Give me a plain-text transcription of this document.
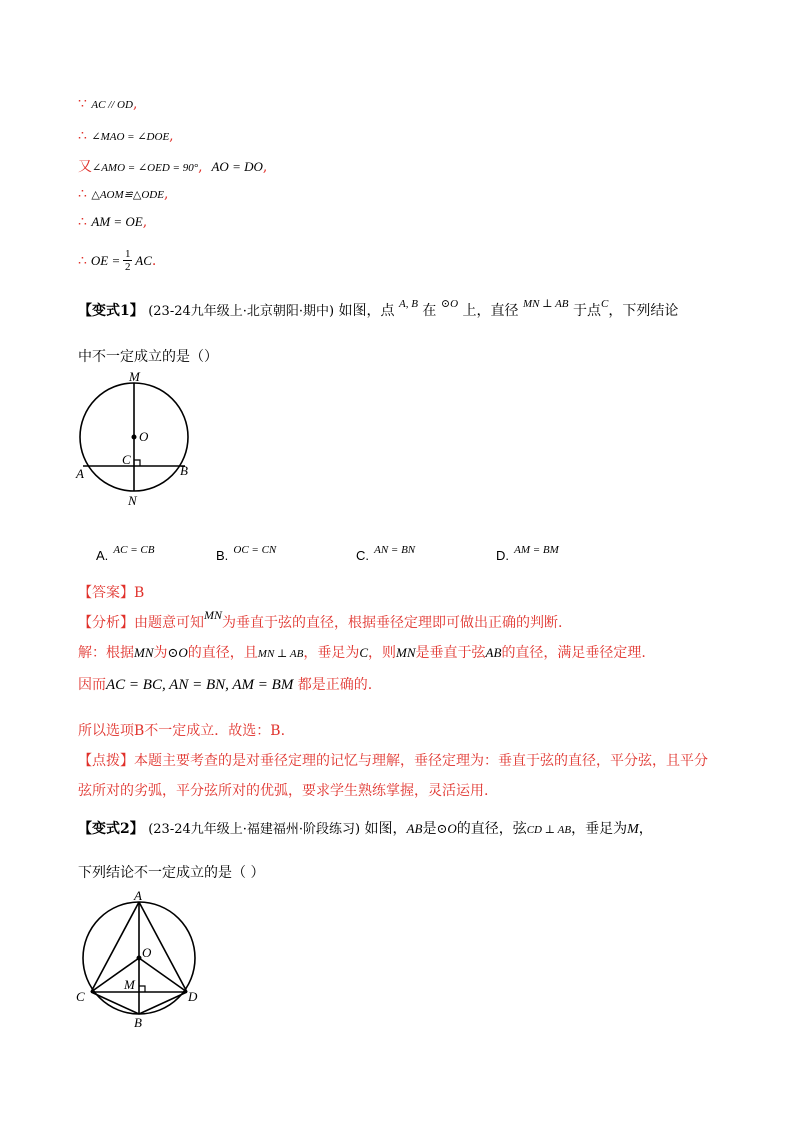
∵ AC // OD,
∴ ∠MAO = ∠DOE,
又∠AMO = ∠OED = 90°,  AO = DO,
∴ △AOM≌△ODE,
∴ AM = OE,
∴ OE = $\frac{1}{2}$ AC .
【变式1】 (23-24九年级上·北京朝阳·期中) 如图，点 $^{A, B}$ 在 $^{⊙O}$ 上，直径 $^{MN \perp AB}$ 于点$^C$，下列结论
中不一定成立的是（）
M
O
C
A	B
N
$_{A.}$ AC = CB	$_{B.}$ OC = CN	$_{C.}$ AN = BN	$_{D.}$ AM = BM
【答案】B
【分析】由题意可知MN为垂直于弦的直径，根据垂径定理即可做出正确的判断.
解：根据MN为⊙O的直径，且MN ⊥ AB，垂足为C，则MN是垂直于弦AB的直径，满足垂径定理.
因而AC = BC, AN = BN, AM = BM 都是正确的.
所以选项B不一定成立．故选：B.
【点拨】本题主要考查的是对垂径定理的记忆与理解，垂径定理为：垂直于弦的直径，平分弦，且平分
弦所对的劣弧，平分弦所对的优弧，要求学生熟练掌握，灵活运用.
【变式2】 (23-24九年级上·福建福州·阶段练习) 如图，AB是⊙O的直径，弦CD ⊥ AB，垂足为M，
下列结论不一定成立的是（ ）
A
O
M
C	D
B
